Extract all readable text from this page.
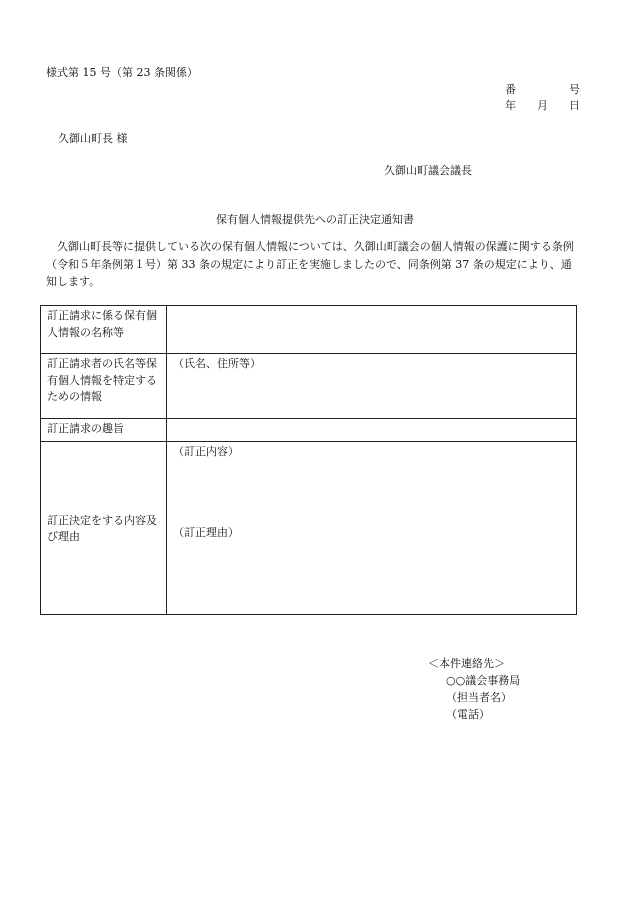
様式第 15 号（第 23 条関係）
番	号
年 月 日
久御山町長 様
久御山町議会議長
保有個人情報提供先への訂正決定通知書
　久御山町長等に提供している次の保有個人情報については、久御山町議会の個人情報の保護に関する条例（令和５年条例第１号）第 33 条の規定により訂正を実施しましたので、同条例第 37 条の規定により、通知します。
訂正請求に係る保有個人情報の名称等	
訂正請求者の氏名等保有個人情報を特定するための情報	（氏名、住所等）
訂正請求の趣旨	
訂正決定をする内容及び理由	（訂正内容）
（訂正理由）
＜本件連絡先＞
○○議会事務局
（担当者名）
（電話）
